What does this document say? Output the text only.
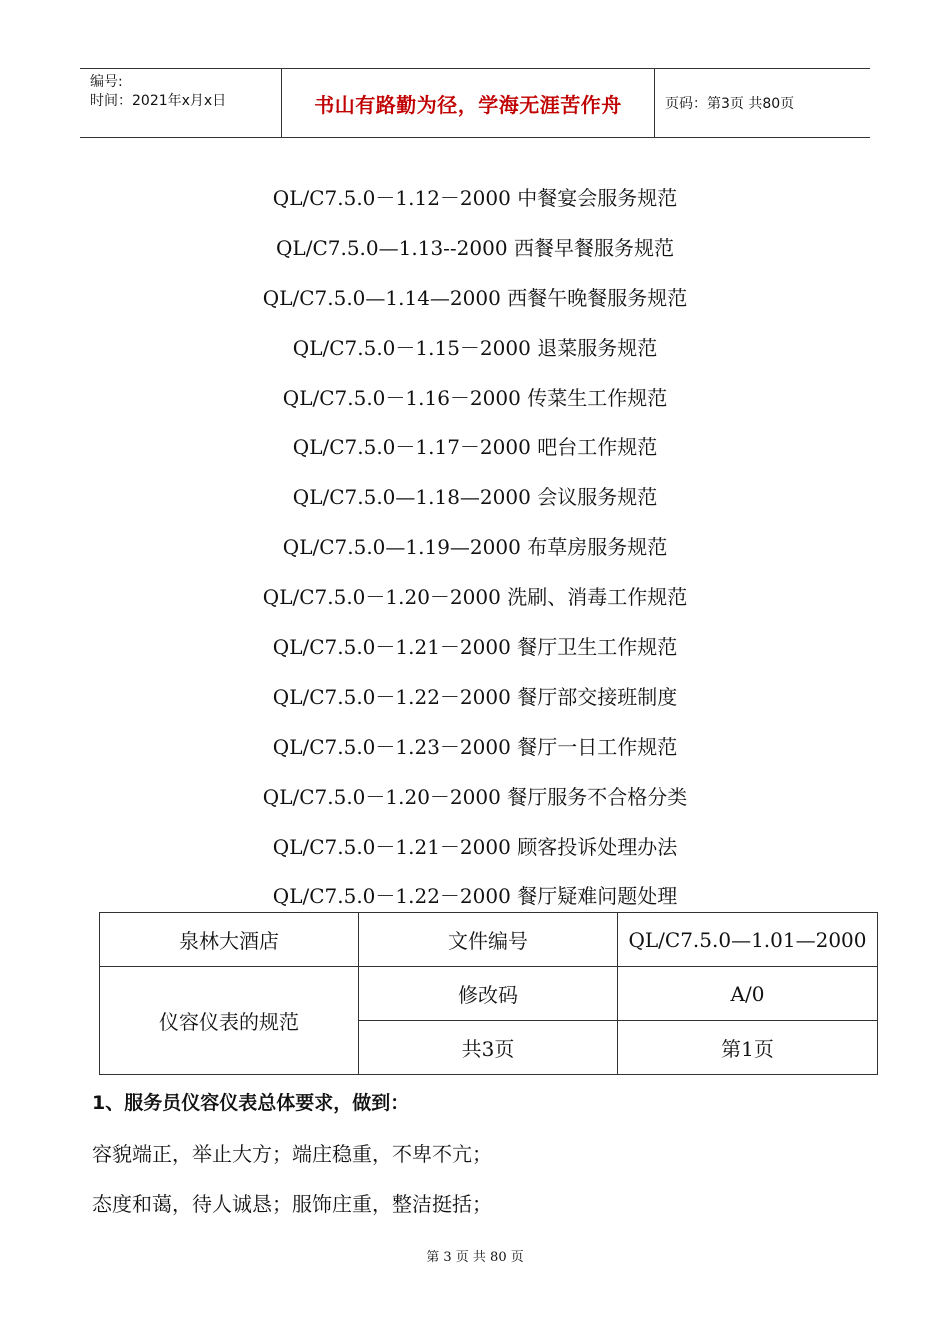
编号:
时间：2021年x月x日	书山有路勤为径，学海无涯苦作舟	页码：第3页 共80页
QL/C7.5.0－1.12－2000 中餐宴会服务规范
QL/C7.5.0—1.13--2000 西餐早餐服务规范
QL/C7.5.0—1.14—2000 西餐午晚餐服务规范
QL/C7.5.0－1.15－2000 退菜服务规范
QL/C7.5.0－1.16－2000 传菜生工作规范
QL/C7.5.0－1.17－2000 吧台工作规范
QL/C7.5.0—1.18—2000 会议服务规范
QL/C7.5.0—1.19—2000 布草房服务规范
QL/C7.5.0－1.20－2000 洗刷、消毒工作规范
QL/C7.5.0－1.21－2000 餐厅卫生工作规范
QL/C7.5.0－1.22－2000 餐厅部交接班制度
QL/C7.5.0－1.23－2000 餐厅一日工作规范
QL/C7.5.0－1.20－2000 餐厅服务不合格分类
QL/C7.5.0－1.21－2000 顾客投诉处理办法
QL/C7.5.0－1.22－2000 餐厅疑难问题处理
泉林大酒店	文件编号	QL/C7.5.0—1.01—2000
仪容仪表的规范	修改码	A/0
	共3页	第1页
1、服务员仪容仪表总体要求，做到：
容貌端正，举止大方；端庄稳重，不卑不亢；
态度和蔼，待人诚恳；服饰庄重，整洁挺括；
第 3 页 共 80 页
